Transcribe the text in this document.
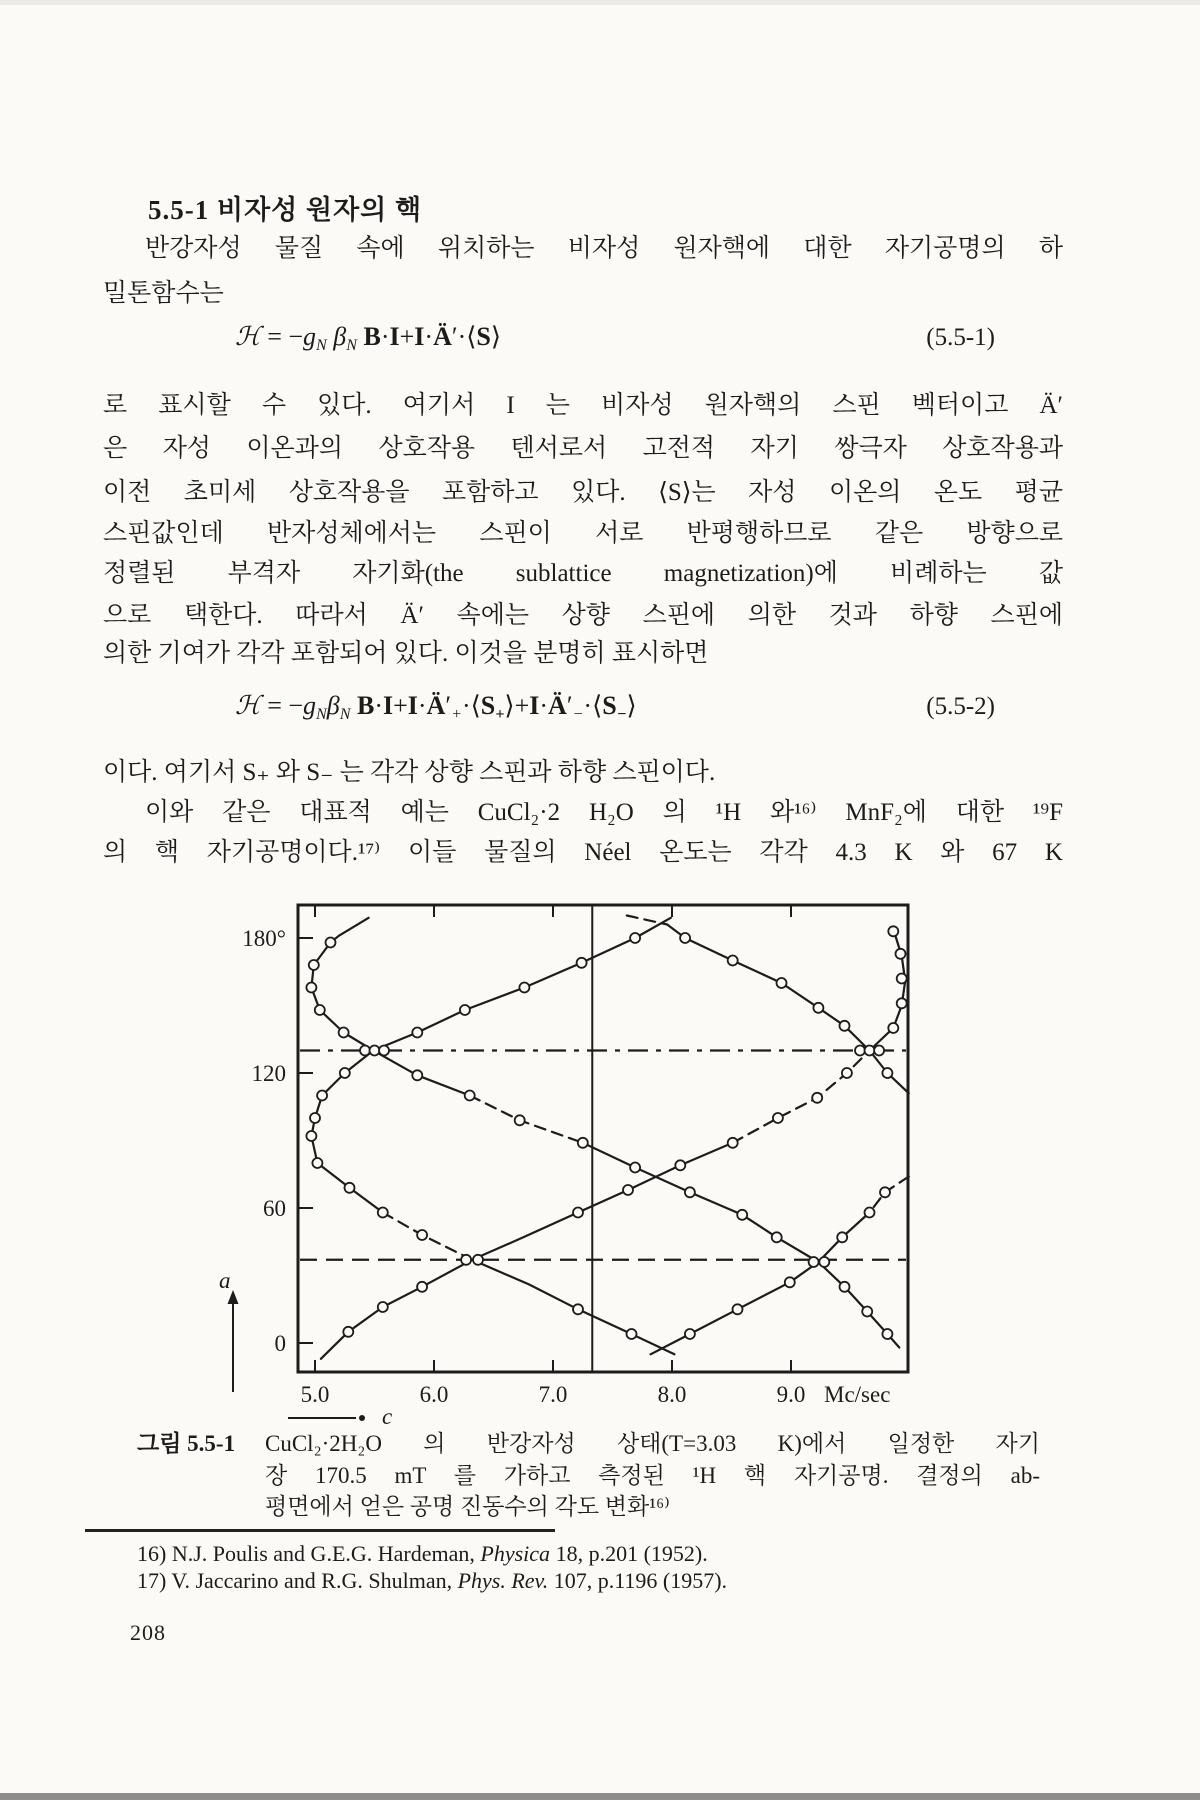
5.5-1 비자성 원자의 핵
반강자성 물질 속에 위치하는 비자성 원자핵에 대한 자기공명의 하
밀톤함수는
ℋ = $-g_N$ $\beta_N$ B·I+I·Ä′·⟨S⟩	(5.5-1)
로 표시할 수 있다. 여기서 I 는 비자성 원자핵의 스핀 벡터이고 Ä′
은 자성 이온과의 상호작용 텐서로서 고전적 자기 쌍극자 상호작용과
이전 초미세 상호작용을 포함하고 있다. ⟨S⟩는 자성 이온의 온도 평균
스핀값인데 반자성체에서는 스핀이 서로 반평행하므로 같은 방향으로
정렬된 부격자 자기화(the sublattice magnetization)에 비례하는 값
으로 택한다. 따라서 Ä′ 속에는 상향 스핀에 의한 것과 하향 스핀에
의한 기여가 각각 포함되어 있다. 이것을 분명히 표시하면
ℋ = $-g_N\beta_N$ $B\cdot I+I\cdot Ä'_+\cdot⟨S_+⟩+I\cdot Ä'_-\cdot⟨S_-⟩$	(5.5-2)
이다. 여기서 S₊ 와 S₋ 는 각각 상향 스핀과 하향 스핀이다.
이와 같은 대표적 예는 CuCl₂·2 H₂O 의 ¹H 와¹⁶⁾ MnF₂에 대한 ¹⁹F
의 핵 자기공명이다.¹⁷⁾ 이들 물질의 Néel 온도는 각각 4.3 K 와 67 K
5.0	6.0	7.0	8.0	9.0 Mc/sec
180°
120
60
0
a
c
그림 5.5-1 CuCl₂·2H₂O 의 반강자성 상태(T=3.03 K)에서 일정한 자기
장 170.5 mT 를 가하고 측정된 ¹H 핵 자기공명. 결정의 ab-
평면에서 얻은 공명 진동수의 각도 변화¹⁶⁾
16) N.J. Poulis and G.E.G. Hardeman, Physica 18, p.201 (1952).
17) V. Jaccarino and R.G. Shulman, Phys. Rev. 107, p.1196 (1957).
208
